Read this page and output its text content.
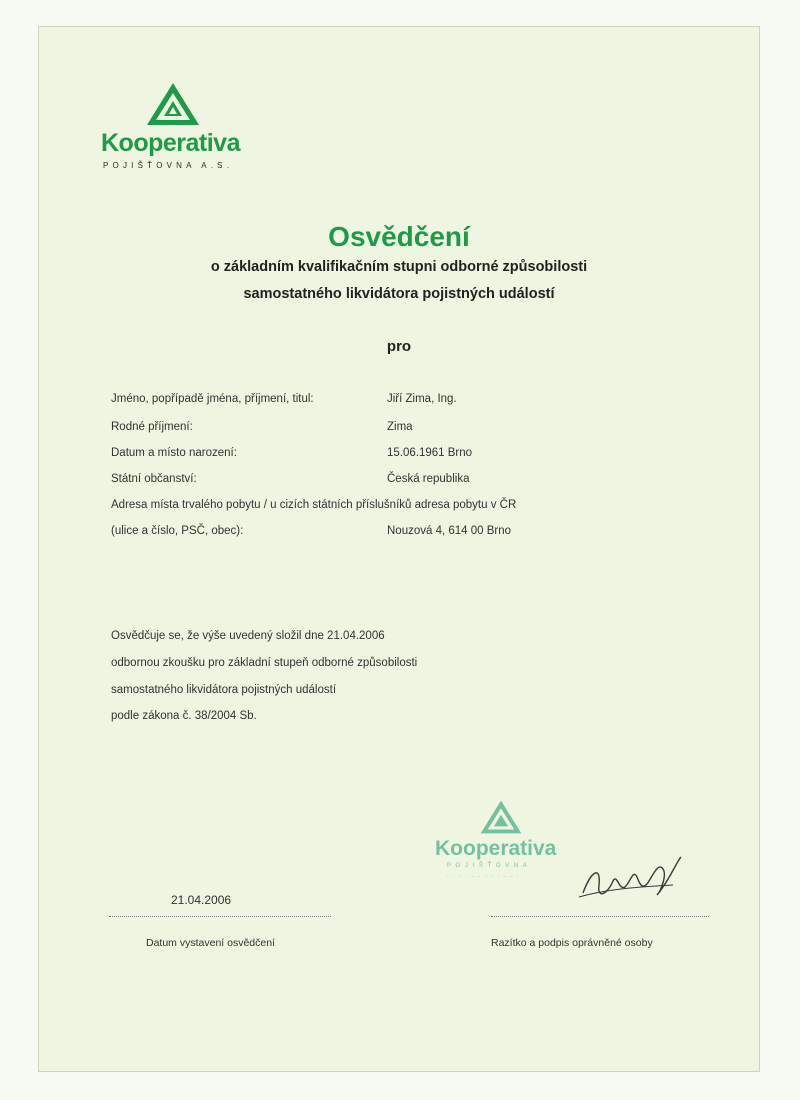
Kooperativa
POJIŠŤOVNA A.S.
Osvědčení
o základním kvalifikačním stupni odborné způsobilosti
samostatného likvidátora pojistných událostí
pro
Jméno, popřípadě jména, příjmení, titul:	Jiří Zima, Ing.
Rodné příjmení:	Zima
Datum a místo narození:	15.06.1961 Brno
Státní občanství:	Česká republika
Adresa místa trvalého pobytu / u cizích státních příslušníků adresa pobytu v ČR
(ulice a číslo, PSČ, obec):	Nouzová 4, 614 00 Brno
Osvědčuje se, že výše uvedený složil dne 21.04.2006
odbornou zkoušku pro základní stupeň odborné způsobilosti
samostatného likvidátora pojistných událostí
podle zákona č. 38/2004 Sb.
Kooperativa
P O J I Š Ť O V N A
. . . . . . . . . . . .
21.04.2006
Datum vystavení osvědčení	Razítko a podpis oprávněné osoby
